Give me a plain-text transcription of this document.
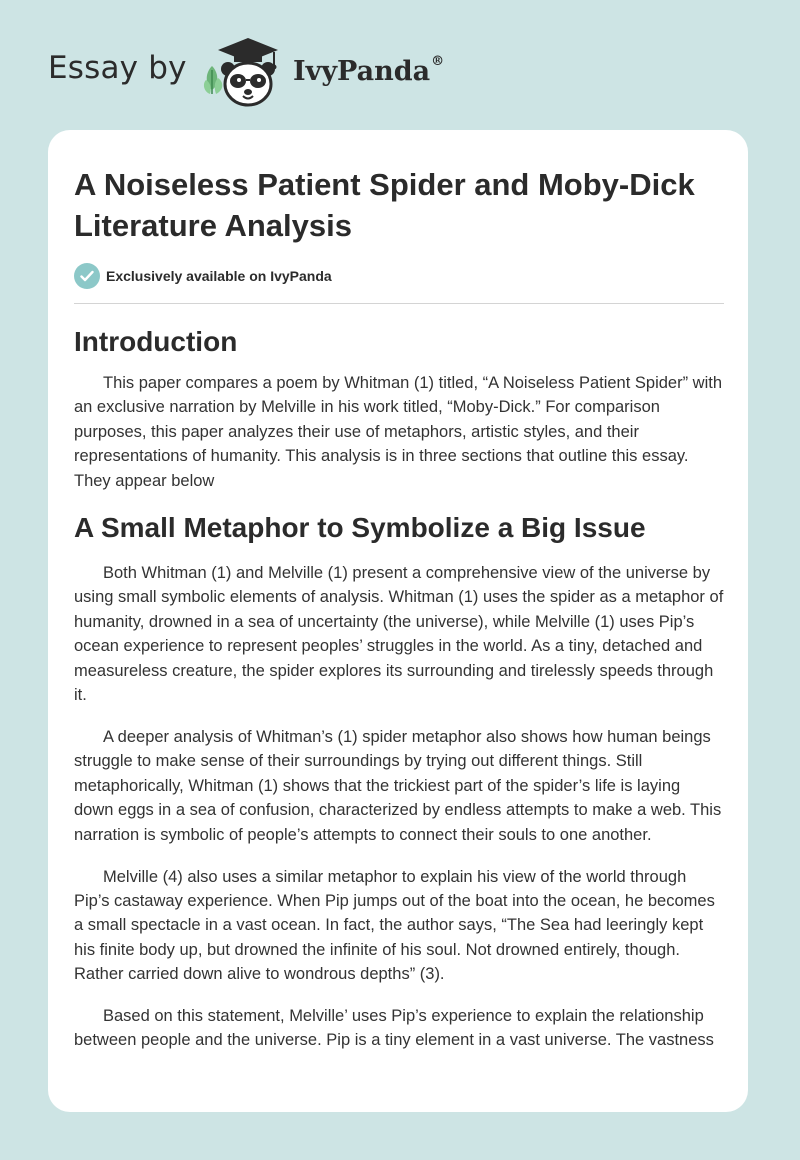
Essay by	IvyPanda®
A Noiseless Patient Spider and Moby-Dick Literature Analysis
Exclusively available on IvyPanda
Introduction

This paper compares a poem by Whitman (1) titled, “A Noiseless Patient Spider” with an exclusive narration by Melville in his work titled, “Moby-Dick.” For comparison purposes, this paper analyzes their use of metaphors, artistic styles, and their representations of humanity. This analysis is in three sections that outline this essay. They appear below

A Small Metaphor to Symbolize a Big Issue

Both Whitman (1) and Melville (1) present a comprehensive view of the universe by using small symbolic elements of analysis. Whitman (1) uses the spider as a metaphor of humanity, drowned in a sea of uncertainty (the universe), while Melville (1) uses Pip’s ocean experience to represent peoples’ struggles in the world. As a tiny, detached and measureless creature, the spider explores its surrounding and tirelessly speeds through it.

A deeper analysis of Whitman’s (1) spider metaphor also shows how human beings struggle to make sense of their surroundings by trying out different things. Still metaphorically, Whitman (1) shows that the trickiest part of the spider’s life is laying down eggs in a sea of confusion, characterized by endless attempts to make a web. This narration is symbolic of people’s attempts to connect their souls to one another.

Melville (4) also uses a similar metaphor to explain his view of the world through Pip’s castaway experience. When Pip jumps out of the boat into the ocean, he becomes a small spectacle in a vast ocean. In fact, the author says, “The Sea had leeringly kept his finite body up, but drowned the infinite of his soul. Not drowned entirely, though. Rather carried down alive to wondrous depths” (3).

Based on this statement, Melville’ uses Pip’s experience to explain the relationship between people and the universe. Pip is a tiny element in a vast universe. The vastness
